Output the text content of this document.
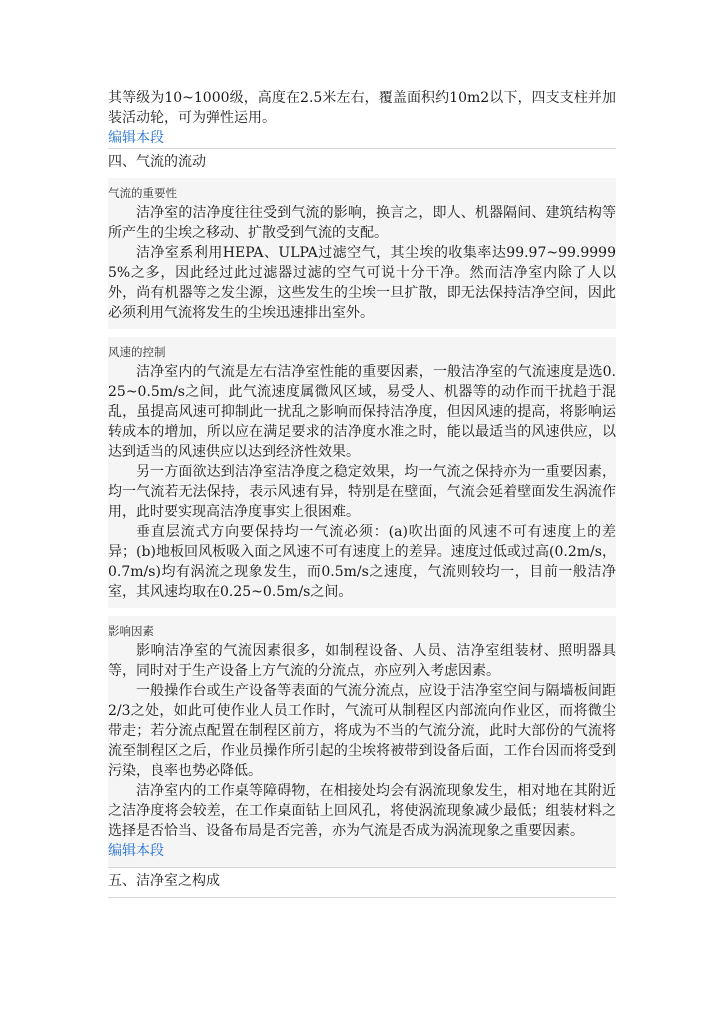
其等级为10~1000级，高度在2.5米左右，覆盖面积约10m2以下，四支支柱并加装活动轮，可为弹性运用。

编辑本段
四、气流的流动

气流的重要性

洁净室的洁净度往往受到气流的影响，换言之，即人、机器隔间、建筑结构等所产生的尘埃之移动、扩散受到气流的支配。

洁净室系利用HEPA、ULPA过滤空气，其尘埃的收集率达99.97~99.99995%之多，因此经过此过滤器过滤的空气可说十分干净。然而洁净室内除了人以外，尚有机器等之发尘源，这些发生的尘埃一旦扩散，即无法保持洁净空间，因此必须利用气流将发生的尘埃迅速排出室外。

风速的控制

洁净室内的气流是左右洁净室性能的重要因素，一般洁净室的气流速度是选0.25~0.5m/s之间，此气流速度属微风区域，易受人、机器等的动作而干扰趋于混乱，虽提高风速可抑制此一扰乱之影响而保持洁净度，但因风速的提高，将影响运转成本的增加，所以应在满足要求的洁净度水准之时，能以最适当的风速供应，以达到适当的风速供应以达到经济性效果。

另一方面欲达到洁净室洁净度之稳定效果，均一气流之保持亦为一重要因素，均一气流若无法保持，表示风速有异，特别是在壁面，气流会延着壁面发生涡流作用，此时要实现高洁净度事实上很困难。

垂直层流式方向要保持均一气流必须：(a)吹出面的风速不可有速度上的差异；(b)地板回风板吸入面之风速不可有速度上的差异。速度过低或过高(0.2m/s，0.7m/s)均有涡流之现象发生，而0.5m/s之速度，气流则较均一，目前一般洁净室，其风速均取在0.25~0.5m/s之间。

影响因素

影响洁净室的气流因素很多，如制程设备、人员、洁净室组装材、照明器具等，同时对于生产设备上方气流的分流点，亦应列入考虑因素。

一般操作台或生产设备等表面的气流分流点，应设于洁净室空间与隔墙板间距2/3之处，如此可使作业人员工作时，气流可从制程区内部流向作业区，而将微尘带走；若分流点配置在制程区前方，将成为不当的气流分流，此时大部份的气流将流至制程区之后，作业员操作所引起的尘埃将被带到设备后面，工作台因而将受到污染，良率也势必降低。

洁净室内的工作桌等障碍物，在相接处均会有涡流现象发生，相对地在其附近之洁净度将会较差，在工作桌面钻上回风孔，将使涡流现象减少最低；组装材料之选择是否恰当、设备布局是否完善，亦为气流是否成为涡流现象之重要因素。

编辑本段
五、洁净室之构成
